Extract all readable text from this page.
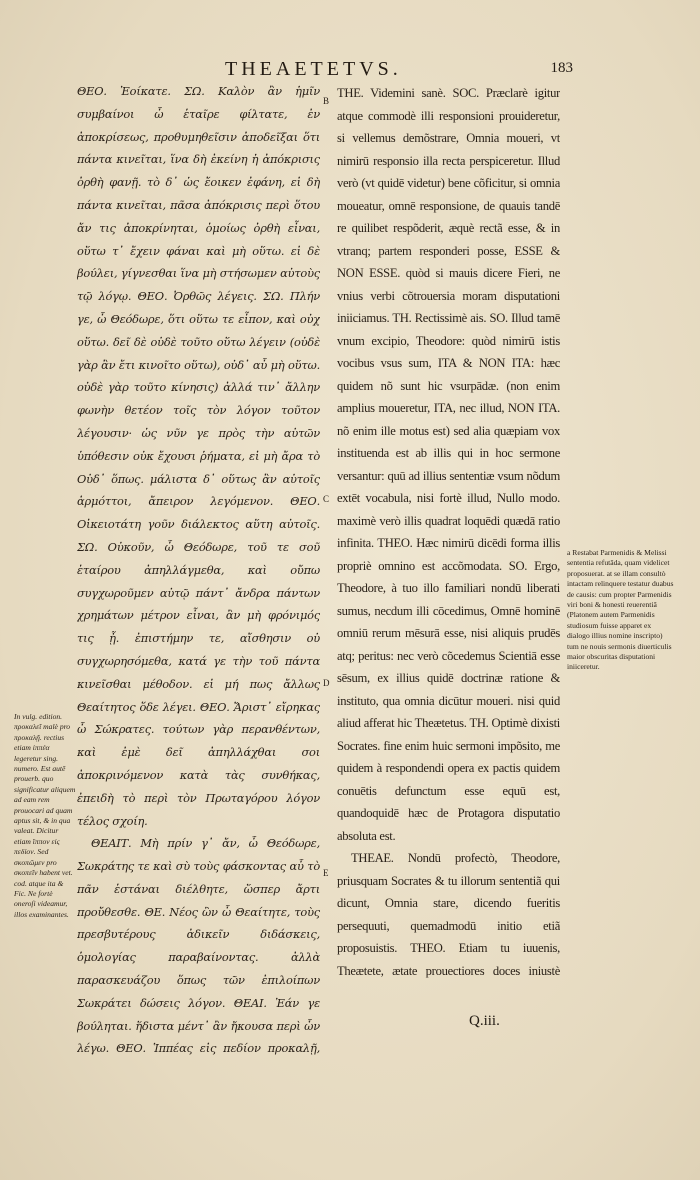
THEAETETVS.	183

ΘΕΟ. Ἐοίκατε. ΣΩ. Καλὸν ἂν ἡμῖν συμβαίνοι ὦ ἑταῖρε φίλτατε, ἐν ἀποκρίσεως, προθυμηθεῖσιν ἀποδεῖξαι ὅτι πάντα κινεῖται, ἵνα δὴ ἐκείνη ἡ ἀπόκρισις ὀρθὴ φανῇ. τὸ δ᾽ ὡς ἔοικεν ἐφάνη, εἰ δὴ πάντα κινεῖται, πᾶσα ἀπόκρισις περὶ ὅτου ἄν τις ἀποκρίνηται, ὁμοίως ὀρθὴ εἶναι, οὕτω τ᾽ ἔχειν φάναι καὶ μὴ οὕτω. εἰ δὲ βούλει, γίγνεσθαι ἵνα μὴ στήσωμεν αὐτοὺς τῷ λόγῳ. ΘΕΟ. Ὀρθῶς λέγεις. ΣΩ. Πλήν γε, ὦ Θεόδωρε, ὅτι οὕτω τε εἶπον, καὶ οὐχ οὕτω. δεῖ δὲ οὐδὲ τοῦτο οὕτω λέγειν (οὐδὲ γὰρ ἂν ἔτι κινοῖτο οὕτω), οὐδ᾽ αὖ μὴ οὕτω. οὐδὲ γὰρ τοῦτο κίνησις) ἀλλά τιν᾽ ἄλλην φωνὴν θετέον τοῖς τὸν λόγον τοῦτον λέγουσιν· ὡς νῦν γε πρὸς τὴν αὑτῶν ὑπόθεσιν οὐκ ἔχουσι ῥήματα, εἰ μὴ ἄρα τὸ Οὐδ᾽ ὅπως. μάλιστα δ᾽ οὕτως ἂν αὐτοῖς ἁρμόττοι, ἄπειρον λεγόμενον. ΘΕΟ. Οἰκειοτάτη γοῦν διάλεκτος αὕτη αὐτοῖς. ΣΩ. Οὐκοῦν, ὦ Θεόδωρε, τοῦ τε σοῦ ἑταίρου ἀπηλλάγμεθα, καὶ οὔπω συγχωροῦμεν αὐτῷ πάντ᾽ ἄνδρα πάντων χρημάτων μέτρον εἶναι, ἂν μὴ φρόνιμός τις ᾖ. ἐπιστήμην τε, αἴσθησιν οὐ συγχωρησόμεθα, κατά γε τὴν τοῦ πάντα κινεῖσθαι μέθοδον. εἰ μή πως ἄλλως Θεαίτητος ὅδε λέγει. ΘΕΟ. Ἄριστ᾽ εἴρηκας ὦ Σώκρατες. τούτων γὰρ περανθέντων, καὶ ἐμὲ δεῖ ἀπηλλάχθαι σοι ἀποκρινόμενον κατὰ τὰς συνθήκας, ἐπειδὴ τὸ περὶ τὸν Πρωταγόρου λόγον τέλος σχοίη.

ΘΕΑΙΤ. Μὴ πρίν γ᾽ ἄν, ὦ Θεόδωρε, Σωκράτης τε καὶ σὺ τοὺς φάσκοντας αὖ τὸ πᾶν ἑστάναι διέλθητε, ὥσπερ ἄρτι προὔθεσθε. ΘΕ. Νέος ὢν ὦ Θεαίτητε, τοὺς πρεσβυτέρους ἀδικεῖν διδάσκεις, ὁμολογίας παραβαίνοντας. ἀλλὰ παρασκευάζου ὅπως τῶν ἐπιλοίπων Σωκράτει δώσεις λόγον. ΘΕΑΙ. Ἐάν γε βούληται. ἥδιστα μέντ᾽ ἂν ἤκουσα περὶ ὧν λέγω. ΘΕΟ. Ἱππέας εἰς πεδίον προκαλῇ,

B
C
D
E

THE. Videmini sanè. SOC. Præclarè igitur atque commodè illi responsioni prouideretur, si vellemus demõstrare, Omnia moueri, vt nimirū responsio illa recta perspiceretur. Illud verò (vt quidē videtur) bene cõficitur, si omnia moueatur, omnē responsione, de quauis tandē re quilibet respõderit, æquè rectã esse, & in vtranq; partem responderi posse, ESSE & NON ESSE. quòd si mauis dicere Fieri, ne vnius verbi cõtrouersia moram disputationi iniiciamus. TH. Rectissimè ais. SO. Illud tamē vnum excipio, Theodore: quòd nimirū istis vocibus vsus sum, ITA & NON ITA: hæc quidem nõ sunt hic vsurpādæ. (non enim amplius moueretur, ITA, nec illud, NON ITA. nõ enim ille motus est) sed alia quæpiam vox instituenda est ab illis qui in hoc sermone versantur: quū ad illius sententiæ vsum nõdum extēt vocabula, nisi fortè illud, Nullo modo. maximè verò illis quadrat loquēdi quædā ratio infinita. THEO. Hæc nimirū dicēdi forma illis propriè omnino est accõmodata. SO. Ergo, Theodore, à tuo illo familiari nondū liberati sumus, necdum illi cōcedimus, Omnē hominē omniū rerum mēsurā esse, nisi aliquis prudēs atq; peritus: nec verò cõcedemus Scientiā esse sēsum, ex illius quidē doctrinæ ratione & instituto, qua omnia dicūtur moueri. nisi quid aliud afferat hic Theætetus. TH. Optimè dixisti Socrates. fine enim huic sermoni impõsito, me quidem à respondendi opera ex pactis quidem conuētis defunctum esse equū est, quandoquidē hæc de Protagora disputatio absoluta est.

THEAE. Nondū profectò, Theodore, priusquam Socrates & tu illorum sententiã qui dicunt, Omnia stare, dicendo fueritis persequuti, quemadmodū initio etiã proposuistis. THEO. Etiam tu iuuenis, Theætete, ætate prouectiores doces iniustè

In vulg. edition. προκαλεῖ malè pro προκαλῇ. rectius etiam ἱππέα legeretur sing. numero. Est autē prouerb. quo significatur aliquem ad eam rem prouocari ad quam aptus sit, & in qua valeat. Dicitur etiam ἵππον εἰς πεδίον. Sed σκοπῶμεν pro σκοπεῖν habent vet. cod. atque ita & Fic. Ne fortè oneroſi videamur, illos examinantes.
a Restabat Parmenidis & Melissi sententia refutāda, quam videlicet proposuerat. at se illam consultò intactam relinquere testatur duabus de causis: cum propter Parmenidis viri boni & honesti reuerentiã (Platonem autem Parmenidis studiosum fuisse apparet ex dialogo illius nomine inscripto) tum ne nouis sermonis diuerticulis maior obscuritas disputationi iniiceretur.
Q.iii.
